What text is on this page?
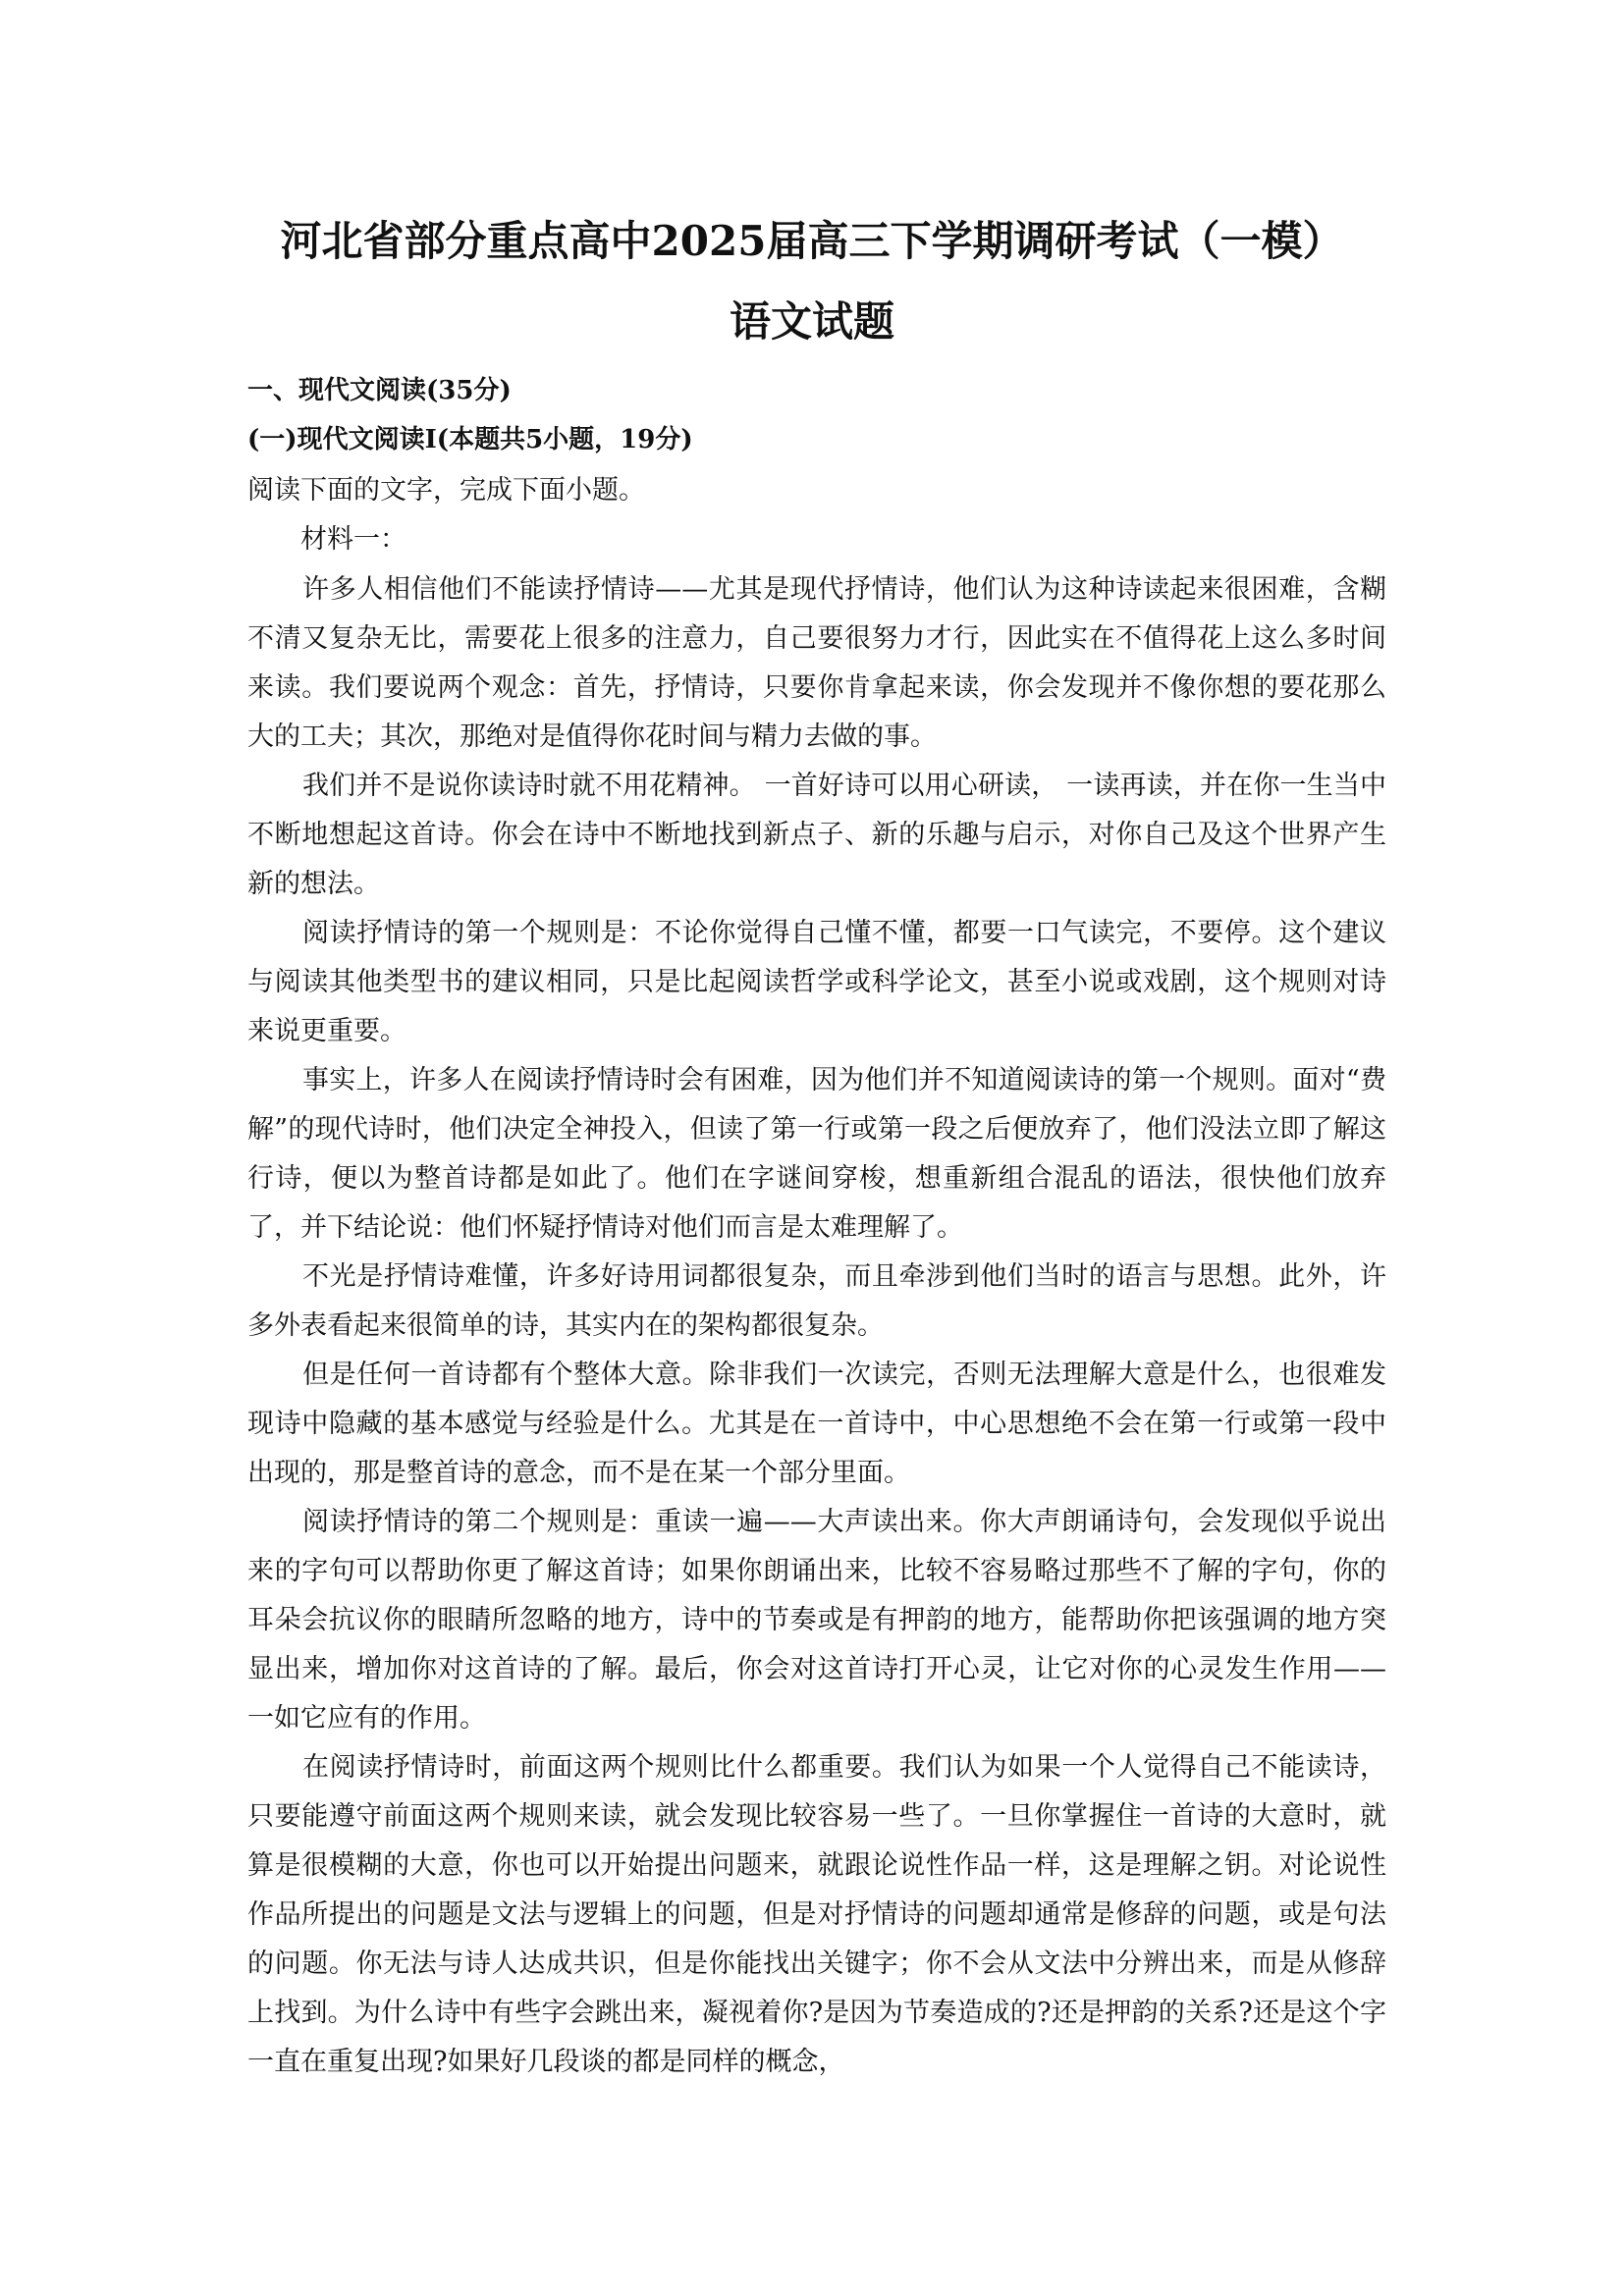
河北省部分重点高中2025届高三下学期调研考试（一模）
语文试题
一、现代文阅读(35分)
(一)现代文阅读Ⅰ(本题共5小题，19分)
阅读下面的文字，完成下面小题。
材料一：

许多人相信他们不能读抒情诗——尤其是现代抒情诗，他们认为这种诗读起来很困难，含糊不清又复杂无比，需要花上很多的注意力，自己要很努力才行，因此实在不值得花上这么多时间来读。我们要说两个观念：首先，抒情诗，只要你肯拿起来读，你会发现并不像你想的要花那么大的工夫；其次，那绝对是值得你花时间与精力去做的事。

我们并不是说你读诗时就不用花精神。 一首好诗可以用心研读， 一读再读，并在你一生当中不断地想起这首诗。你会在诗中不断地找到新点子、新的乐趣与启示，对你自己及这个世界产生新的想法。

阅读抒情诗的第一个规则是：不论你觉得自己懂不懂，都要一口气读完，不要停。这个建议与阅读其他类型书的建议相同，只是比起阅读哲学或科学论文，甚至小说或戏剧，这个规则对诗来说更重要。

事实上，许多人在阅读抒情诗时会有困难，因为他们并不知道阅读诗的第一个规则。面对“费解”的现代诗时，他们决定全神投入，但读了第一行或第一段之后便放弃了，他们没法立即了解这行诗，便以为整首诗都是如此了。他们在字谜间穿梭，想重新组合混乱的语法，很快他们放弃了，并下结论说：他们怀疑抒情诗对他们而言是太难理解了。

不光是抒情诗难懂，许多好诗用词都很复杂，而且牵涉到他们当时的语言与思想。此外，许多外表看起来很简单的诗，其实内在的架构都很复杂。

但是任何一首诗都有个整体大意。除非我们一次读完，否则无法理解大意是什么，也很难发现诗中隐藏的基本感觉与经验是什么。尤其是在一首诗中，中心思想绝不会在第一行或第一段中出现的，那是整首诗的意念，而不是在某一个部分里面。

阅读抒情诗的第二个规则是：重读一遍——大声读出来。你大声朗诵诗句，会发现似乎说出来的字句可以帮助你更了解这首诗；如果你朗诵出来，比较不容易略过那些不了解的字句，你的耳朵会抗议你的眼睛所忽略的地方，诗中的节奏或是有押韵的地方，能帮助你把该强调的地方突显出来，增加你对这首诗的了解。最后，你会对这首诗打开心灵，让它对你的心灵发生作用——一如它应有的作用。

在阅读抒情诗时，前面这两个规则比什么都重要。我们认为如果一个人觉得自己不能读诗，只要能遵守前面这两个规则来读，就会发现比较容易一些了。一旦你掌握住一首诗的大意时，就算是很模糊的大意，你也可以开始提出问题来，就跟论说性作品一样，这是理解之钥。对论说性作品所提出的问题是文法与逻辑上的问题，但是对抒情诗的问题却通常是修辞的问题，或是句法的问题。你无法与诗人达成共识，但是你能找出关键字；你不会从文法中分辨出来，而是从修辞上找到。为什么诗中有些字会跳出来，凝视着你?是因为节奏造成的?还是押韵的关系?还是这个字一直在重复出现?如果好几段谈的都是同样的概念，
